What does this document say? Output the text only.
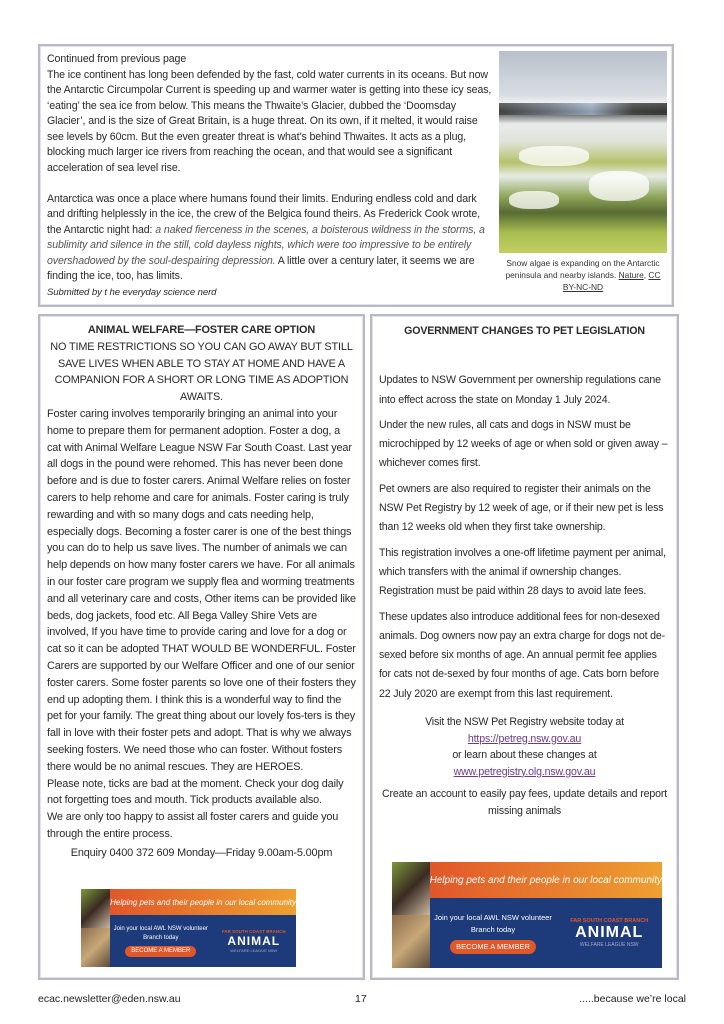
Continued from previous page

The ice continent has long been defended by the fast, cold water currents in its oceans. But now the Antarctic Circumpolar Current is speeding up and warmer water is getting into these icy seas, ‘eating’ the sea ice from below. This means the Thwaite’s Glacier, dubbed the ‘Doomsday Glacier’, and is the size of Great Britain, is a huge threat. On its own, if it melted, it would raise see levels by 60cm. But the even greater threat is what’s behind Thwaites. It acts as a plug, blocking much larger ice rivers from reaching the ocean, and that would see a significant acceleration of sea level rise.

Antarctica was once a place where humans found their limits. Enduring endless cold and dark and drifting helplessly in the ice, the crew of the Belgica found theirs. As Frederick Cook wrote, the Antarctic night had: a naked fierceness in the scenes, a boisterous wildness in the storms, a sublimity and silence in the still, cold dayless nights, which were too impressive to be entirely overshadowed by the soul-despairing depression. A little over a century later, it seems we are finding the ice, too, has limits.

Submitted by t he everyday science nerd

Snow algae is expanding on the Antarctic peninsula and nearby islands. Nature, CC BY-NC-ND

ANIMAL WELFARE—FOSTER CARE OPTION

NO TIME RESTRICTIONS SO YOU CAN GO AWAY BUT STILL SAVE LIVES WHEN ABLE TO STAY AT HOME AND HAVE A COMPANION FOR A SHORT OR LONG TIME AS ADOPTION AWAITS.

Foster caring involves temporarily bringing an animal into your home to prepare them for permanent adoption. Foster a dog, a cat with Animal Welfare League NSW Far South Coast. Last year all dogs in the pound were rehomed. This has never been done before and is due to foster carers. Animal Welfare relies on foster carers to help rehome and care for animals. Foster caring is truly rewarding and with so many dogs and cats needing help, especially dogs. Becoming a foster carer is one of the best things you can do to help us save lives. The number of animals we can help depends on how many foster carers we have. For all animals in our foster care program we supply flea and worming treatments and all veterinary care and costs, Other items can be provided like beds, dog jackets, food etc. All Bega Valley Shire Vets are involved, If you have time to provide caring and love for a dog or cat so it can be adopted THAT WOULD BE WONDERFUL. Foster Carers are supported by our Welfare Officer and one of our senior foster carers. Some foster parents so love one of their fosters they end up adopting them. I think this is a wonderful way to find the pet for your family. The great thing about our lovely fos-ters is they fall in love with their foster pets and adopt. That is why we always seeking fosters. We need those who can foster. Without fosters there would be no animal rescues. They are HEROES.

Please note, ticks are bad at the moment. Check your dog daily not forgetting toes and mouth. Tick products available also.

We are only too happy to assist all foster carers and guide you through the entire process.

Enquiry 0400 372 609 Monday—Friday 9.00am-5.00pm

GOVERNMENT CHANGES TO PET LEGISLATION

Updates to NSW Government per ownership regulations cane into effect across the state on Monday 1 July 2024.

Under the new rules, all cats and dogs in NSW must be microchipped by 12 weeks of age or when sold or given away – whichever comes first.

Pet owners are also required to register their animals on the NSW Pet Registry by 12 week of age, or if their new pet is less than 12 weeks old when they first take ownership.

This registration involves a one-off lifetime payment per animal, which transfers with the animal if ownership changes. Registration must be paid within 28 days to avoid late fees.

These updates also introduce additional fees for non-desexed animals. Dog owners now pay an extra charge for dogs not de-sexed before six months of age. An annual permit fee applies for cats not de-sexed by four months of age. Cats born before 22 July 2020 are exempt from this last requirement.

Visit the NSW Pet Registry website today at

https://petreg.nsw.gov.au

or learn about these changes at

www.petregistry.olg.nsw.gov.au

Create an account to easily pay fees, update details and report missing animals

Helping pets and their people in our local community
Join your local AWL NSW volunteer Branch today
BECOME A MEMBER
FAR SOUTH COAST BRANCH
ANIMAL
WELFARE LEAGUE NSW
Helping pets and their people in our local community
Join your local AWL NSW volunteer Branch today
BECOME A MEMBER
FAR SOUTH COAST BRANCH
ANIMAL
WELFARE LEAGUE NSW
ecac.newsletter@eden.nsw.au	17	.....because we’re local
